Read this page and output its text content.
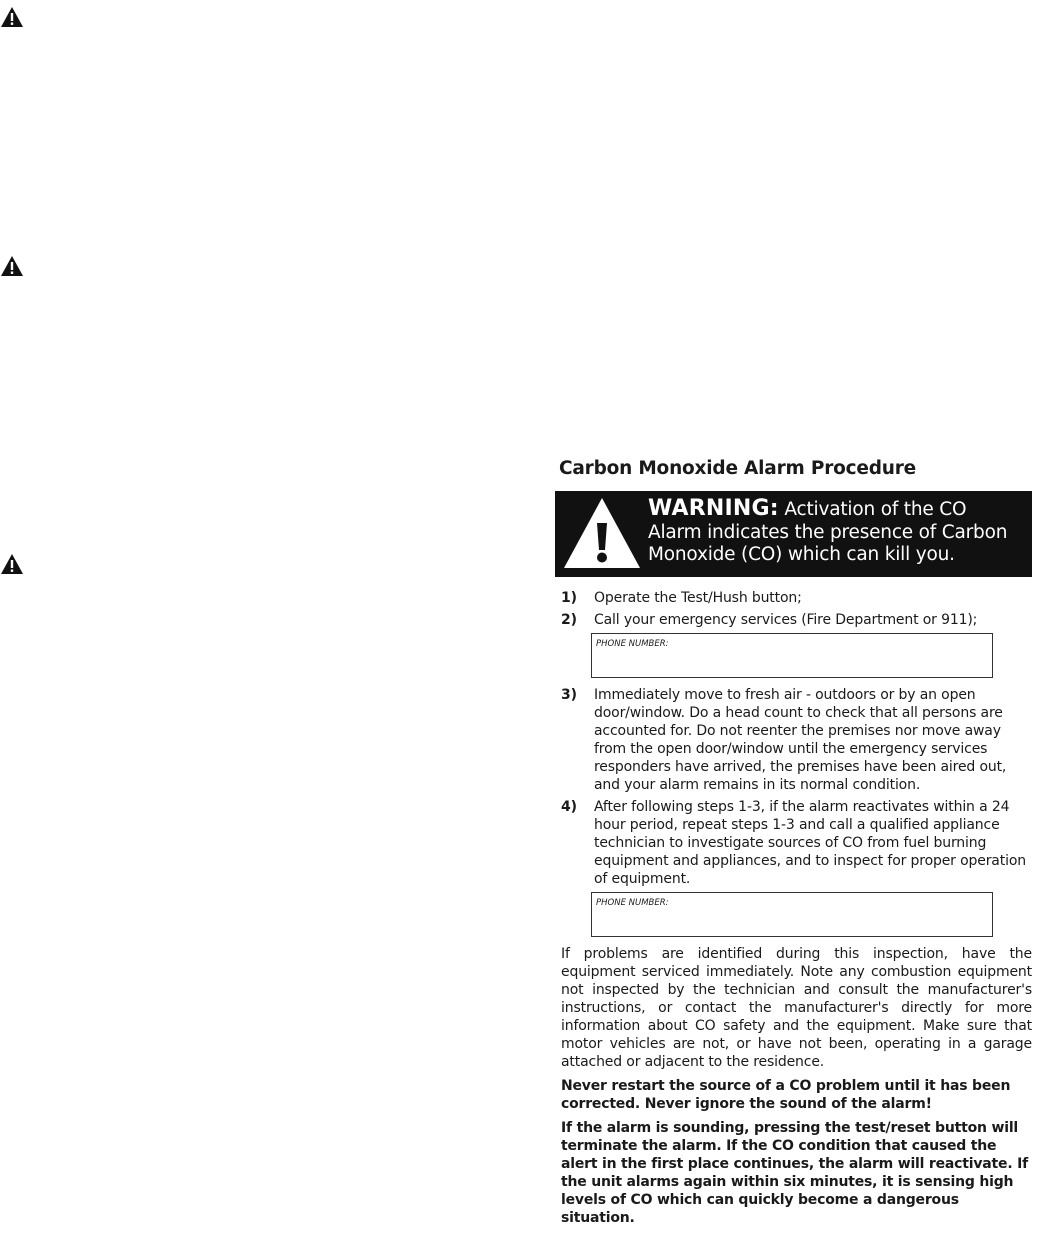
Carbon Monoxide Alarm Procedure
WARNING: Activation of the CO
Alarm indicates the presence of Carbon
Monoxide (CO) which can kill you.
1) Operate the Test/Hush button;
2) Call your emergency services (Fire Department or 911);
PHONE NUMBER:
3) Immediately move to fresh air - outdoors or by an open door/window. Do a head count to check that all persons are accounted for. Do not reenter the premises nor move away from the open door/window until the emergency services responders have arrived, the premises have been aired out, and your alarm remains in its normal condition.
4) After following steps 1-3, if the alarm reactivates within a 24 hour period, repeat steps 1-3 and call a qualified appliance technician to investigate sources of CO from fuel burning equipment and appliances, and to inspect for proper operation of equipment.
PHONE NUMBER:

If problems are identified during this inspection, have the equipment serviced immediately. Note any combustion equipment not inspected by the technician and consult the manufacturer's instructions, or contact the manufacturer's directly for more information about CO safety and the equipment. Make sure that motor vehicles are not, or have not been, operating in a garage attached or adjacent to the residence.

Never restart the source of a CO problem until it has been corrected. Never ignore the sound of the alarm!

If the alarm is sounding, pressing the test/reset button will terminate the alarm. If the CO condition that caused the alert in the first place continues, the alarm will reactivate. If the unit alarms again within six minutes, it is sensing high levels of CO which can quickly become a dangerous situation.
